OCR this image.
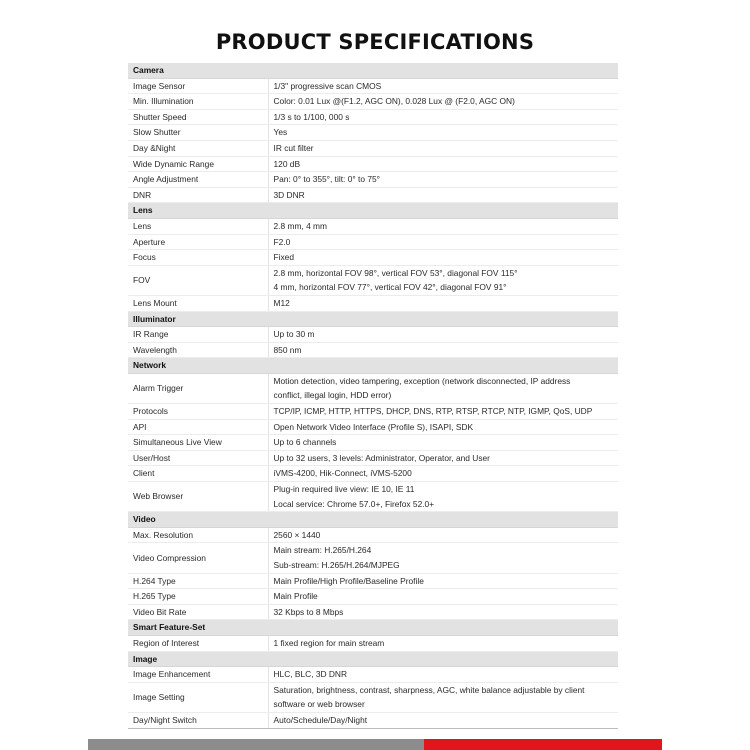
PRODUCT SPECIFICATIONS
Camera	
Image Sensor	1/3" progressive scan CMOS

Min. Illumination	Color: 0.01 Lux @(F1.2, AGC ON), 0.028 Lux @ (F2.0, AGC ON)

Shutter Speed	1/3 s to 1/100, 000 s

Slow Shutter	Yes

Day &Night	IR cut filter

Wide Dynamic Range	120 dB

Angle Adjustment	Pan: 0° to 355°, tilt: 0° to 75°

DNR	3D DNR

Lens	
Lens	2.8 mm, 4 mm

Aperture	F2.0

Focus	Fixed

FOV	2.8 mm, horizontal FOV 98°, vertical FOV 53°, diagonal FOV 115°
4 mm, horizontal FOV 77°, vertical FOV 42°, diagonal FOV 91°

Lens Mount	M12

Illuminator	
IR Range	Up to 30 m

Wavelength	850 nm

Network	
Alarm Trigger	Motion detection, video tampering, exception (network disconnected, IP address
conflict, illegal login, HDD error)

Protocols	TCP/IP, ICMP, HTTP, HTTPS, DHCP, DNS, RTP, RTSP, RTCP, NTP, IGMP, QoS, UDP

API	Open Network Video Interface (Profile S), ISAPI, SDK

Simultaneous Live View	Up to 6 channels

User/Host	Up to 32 users, 3 levels: Administrator, Operator, and User

Client	iVMS-4200, Hik-Connect, iVMS-5200

Web Browser	Plug-in required live view: IE 10, IE 11
Local service: Chrome 57.0+, Firefox 52.0+

Video	
Max. Resolution	2560 × 1440

Video Compression	Main stream: H.265/H.264
Sub-stream: H.265/H.264/MJPEG

H.264 Type	Main Profile/High Profile/Baseline Profile

H.265 Type	Main Profile

Video Bit Rate	32 Kbps to 8 Mbps

Smart Feature-Set	
Region of Interest	1 fixed region for main stream

Image	
Image Enhancement	HLC, BLC, 3D DNR

Image Setting	Saturation, brightness, contrast, sharpness, AGC, white balance adjustable by client
software or web browser

Day/Night Switch	Auto/Schedule/Day/Night
